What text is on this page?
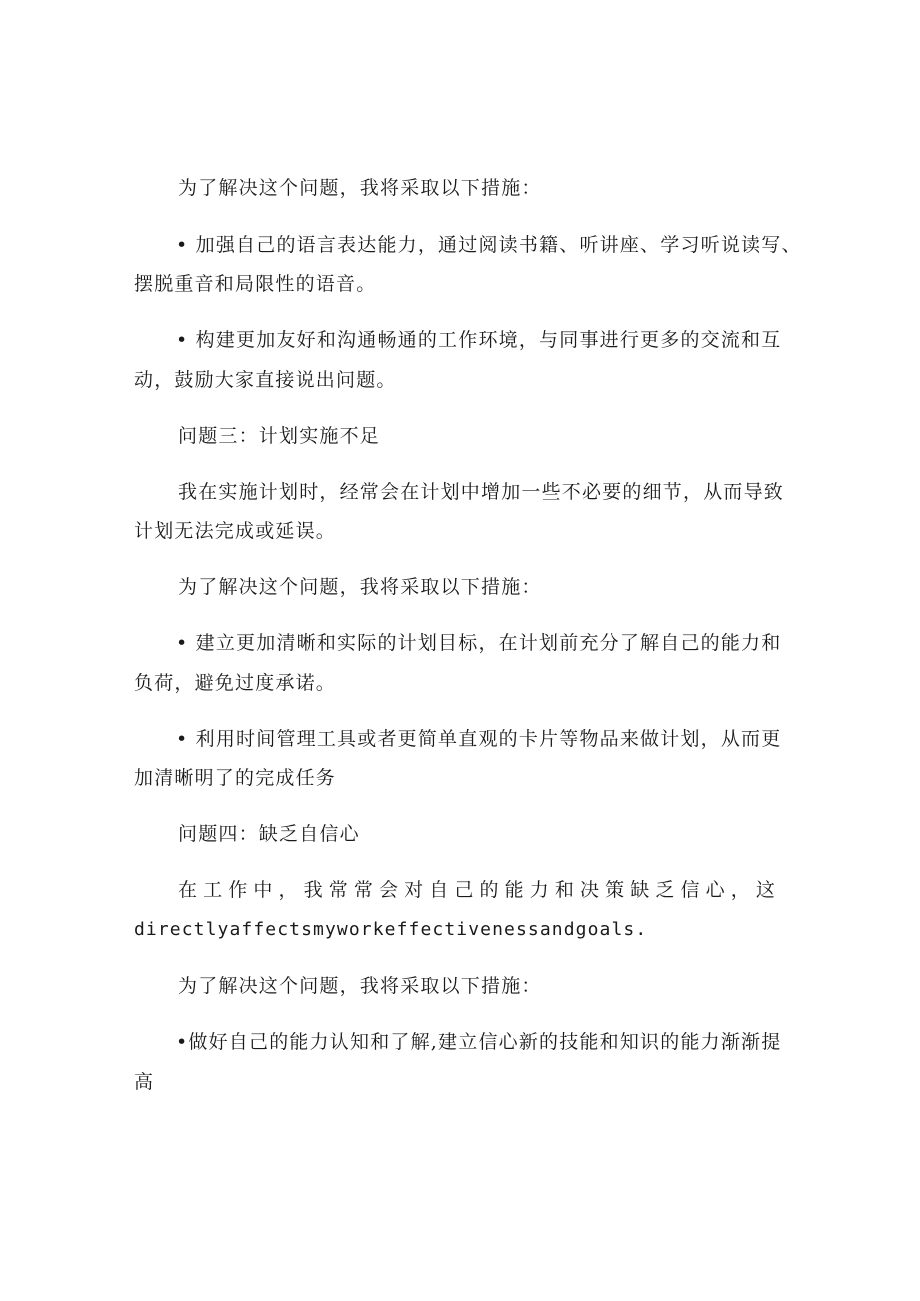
为了解决这个问题，我将采取以下措施：
• 加强自己的语言表达能力，通过阅读书籍、听讲座、学习听说读写、
摆脱重音和局限性的语音。
• 构建更加友好和沟通畅通的工作环境，与同事进行更多的交流和互
动，鼓励大家直接说出问题。
问题三：计划实施不足
我在实施计划时，经常会在计划中增加一些不必要的细节，从而导致
计划无法完成或延误。
为了解决这个问题，我将采取以下措施：
• 建立更加清晰和实际的计划目标，在计划前充分了解自己的能力和
负荷，避免过度承诺。
• 利用时间管理工具或者更简单直观的卡片等物品来做计划，从而更
加清晰明了的完成任务
问题四：缺乏自信心
在 工 作 中 ， 我 常 常 会 对 自 己 的 能 力 和 决 策 缺 乏 信 心 ， 这
directlyaffectsmyworkeffectivenessandgoals.
为了解决这个问题，我将采取以下措施：
•做好自己的能力认知和了解,建立信心新的技能和知识的能力渐渐提
高
